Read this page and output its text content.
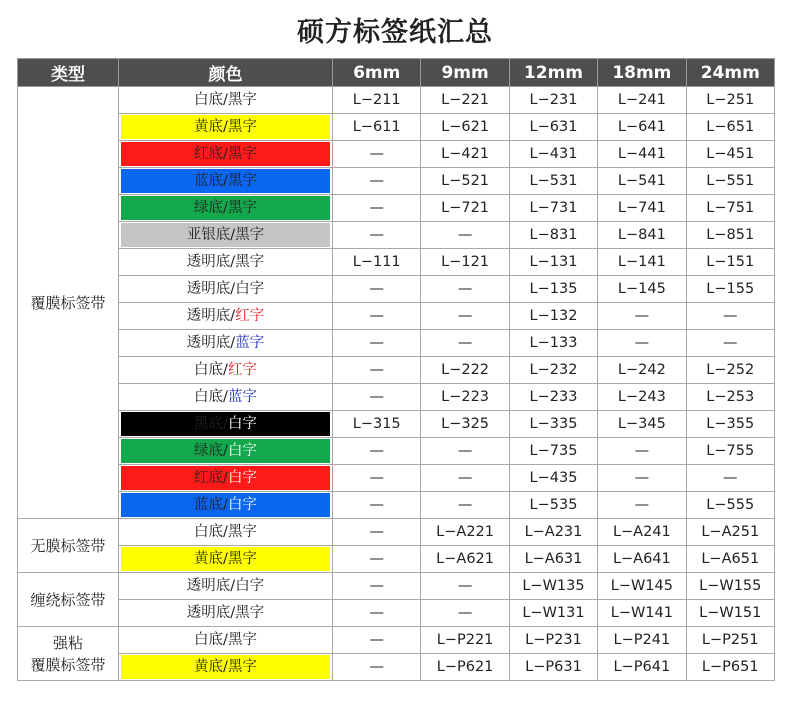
硕方标签纸汇总
类型	颜色	6mm	9mm	12mm	18mm	24mm
覆膜标签带	白底/黑字	L−211	L−221	L−231	L−241	L−251

	黄底/黑字	L−611	L−621	L−631	L−641	L−651

	红底/黑字	—	L−421	L−431	L−441	L−451

	蓝底/黑字	—	L−521	L−531	L−541	L−551

	绿底/黑字	—	L−721	L−731	L−741	L−751

	亚银底/黑字	—	—	L−831	L−841	L−851

	透明底/黑字	L−111	L−121	L−131	L−141	L−151

	透明底/白字	—	—	L−135	L−145	L−155

	透明底/红字	—	—	L−132	—	—

	透明底/蓝字	—	—	L−133	—	—

	白底/红字	—	L−222	L−232	L−242	L−252

	白底/蓝字	—	L−223	L−233	L−243	L−253

	黑底/白字	L−315	L−325	L−335	L−345	L−355

	绿底/白字	—	—	L−735	—	L−755

	红底/白字	—	—	L−435	—	—

	蓝底/白字	—	—	L−535	—	L−555
无膜标签带	白底/黑字	—	L−A221	L−A231	L−A241	L−A251

	黄底/黑字	—	L−A621	L−A631	L−A641	L−A651
缠绕标签带	透明底/白字	—	—	L−W135	L−W145	L−W155

	透明底/黑字	—	—	L−W131	L−W141	L−W151

强粘
覆膜标签带	白底/黑字	—	L−P221	L−P231	L−P241	L−P251

	黄底/黑字	—	L−P621	L−P631	L−P641	L−P651
